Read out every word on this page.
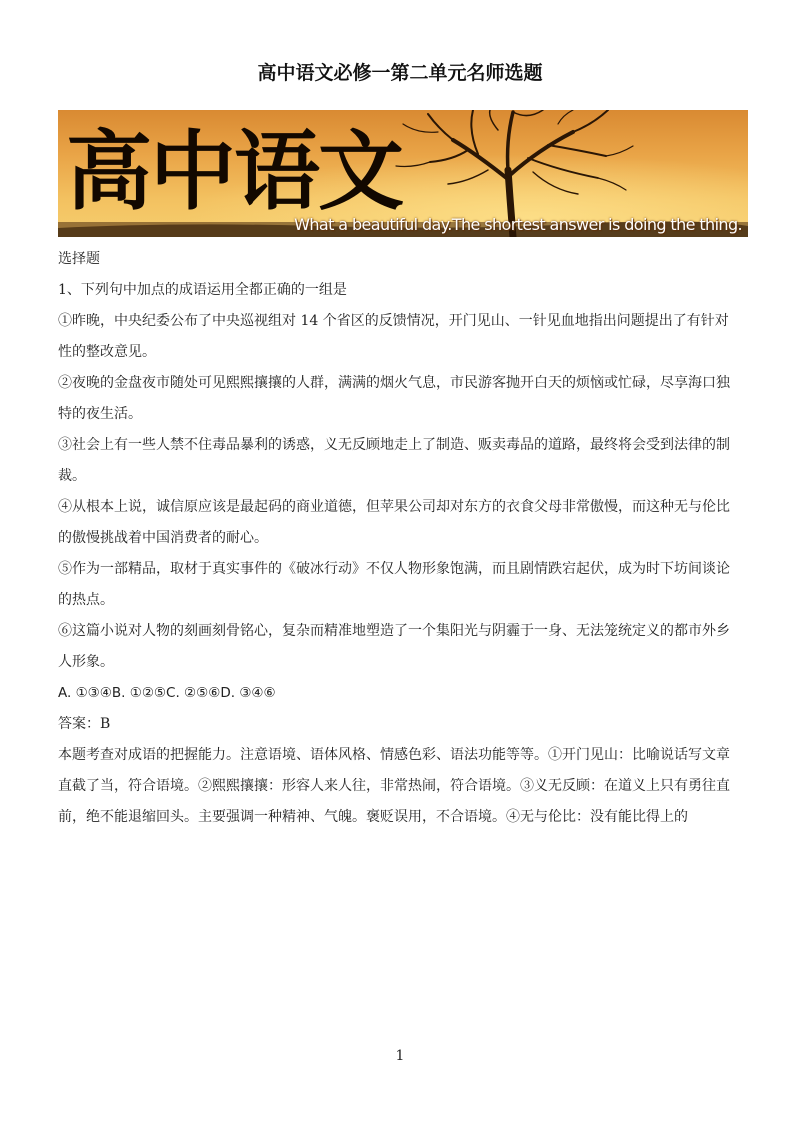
高中语文必修一第二单元名师选题
高中语文
What a beautiful day.The shortest answer is doing the thing.

选择题

1、下列句中加点的成语运用全都正确的一组是

①昨晚，中央纪委公布了中央巡视组对 14 个省区的反馈情况，开门见山、一针见血地指出问题提出了有针对性的整改意见。

②夜晚的金盘夜市随处可见熙熙攘攘的人群，满满的烟火气息，市民游客抛开白天的烦恼或忙碌，尽享海口独特的夜生活。

③社会上有一些人禁不住毒品暴利的诱惑，义无反顾地走上了制造、贩卖毒品的道路，最终将会受到法律的制裁。

④从根本上说，诚信原应该是最起码的商业道德，但苹果公司却对东方的衣食父母非常傲慢，而这种无与伦比的傲慢挑战着中国消费者的耐心。

⑤作为一部精品，取材于真实事件的《破冰行动》不仅人物形象饱满，而且剧情跌宕起伏，成为时下坊间谈论的热点。

⑥这篇小说对人物的刻画刻骨铭心，复杂而精准地塑造了一个集阳光与阴霾于一身、无法笼统定义的都市外乡人形象。

A. ①③④B. ①②⑤C. ②⑤⑥D. ③④⑥

答案：B

本题考查对成语的把握能力。注意语境、语体风格、情感色彩、语法功能等等。①开门见山：比喻说话写文章直截了当，符合语境。②熙熙攘攘：形容人来人往，非常热闹，符合语境。③义无反顾：在道义上只有勇往直前，绝不能退缩回头。主要强调一种精神、气魄。褒贬误用，不合语境。④无与伦比：没有能比得上的

1
